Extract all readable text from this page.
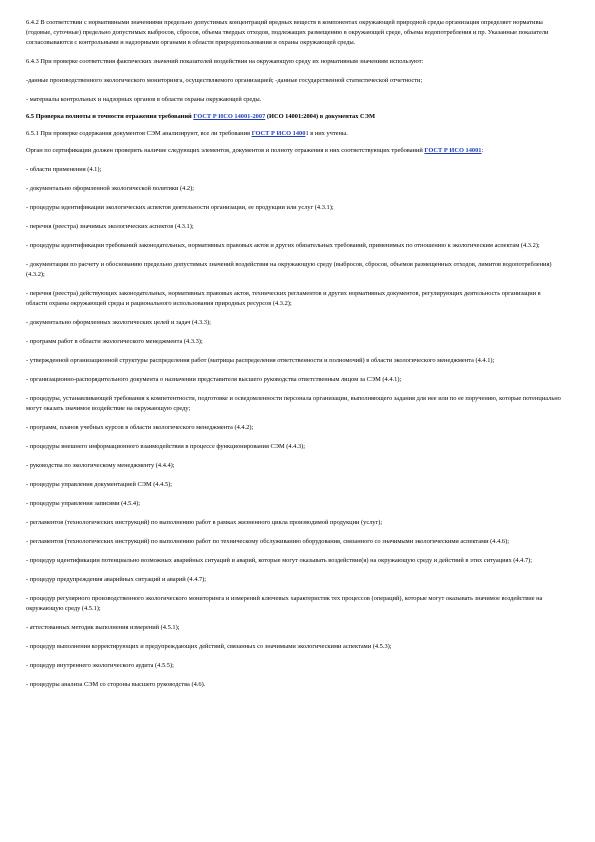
6.4.2 В соответствии с нормативными значениями предельно допустимых концентраций вредных веществ в компонентах окружающей природной среды организация определяет нормативы (годовые, суточные) предельно допустимых выбросов, сбросов, объема твердых отходов, подлежащих размещению в окружающей среде, объема водопотребления и пр. Указанные показатели согласовываются с контрольными и надзорными органами в области природопользования и охраны окружающей среды.

6.4.3 При проверке соответствия фактических значений показателей воздействия на окружающую среду их нормативным значениям используют:

-данные производственного экологического мониторинга, осуществляемого организацией; -данные государственной статистической отчетности;

- материалы контрольных и надзорных органов в области охраны окружающей среды.

6.5 Проверка полноты и точности отражения требований ГОСТ Р ИСО 14001-2007 (ИСО 14001:2004) в документах СЭМ

6.5.1 При проверке содержания документов СЭМ анализируют, все ли требования ГОСТ Р ИСО 14001 в них учтены.

Орган по сертификации должен проверить наличие следующих элементов, документов и полноту отражения в них соответствующих требований ГОСТ Р ИСО 14001:

- области применения (4.1);

- документально оформленной экологической политики (4.2);

- процедуры идентификации экологических аспектов деятельности организации, ее продукции или услуг (4.3.1);

- перечня (реестра) значимых экологических аспектов (4.3.1);

- процедуры идентификации требований законодательных, нормативных правовых актов и других обязательных требований, применимых по отношению к экологическим аспектам (4.3.2);

- документации по расчету и обоснованию предельно допустимых значений воздействия на окружающую среду (выбросов, сбросов, объемов размещенных отходов, лимитов водопотребления) (4.3.2);

- перечня (реестра) действующих законодательных, нормативных правовых актов, технических регламентов и других нормативных документов, регулирующих деятельность организации в области охраны окружающей среды и рационального использования природных ресурсов (4.3.2);

- документально оформленных экологических целей и задач (4.3.3);

- программ работ в области экологического менеджмента (4.3.3);

- утвержденной организационной структуры распределения работ (матрицы распределения ответственности и полномочий) в области экологического менеджмента (4.4.1);

- организационно-распорядительного документа о назначении представителя высшего руководства ответственным лицом за СЭМ (4.4.1);

- процедуры, устанавливающей требования к компетентности, подготовке и осведомленности персонала организации, выполняющего задания для нее или по ее поручению, которые потенциально могут оказать значимое воздействие на окружающую среду;

- программ, планов учебных курсов в области экологического менеджмента (4.4.2);

- процедуры внешнего информационного взаимодействия в процессе функционирования СЭМ (4.4.3);

- руководства по экологическому менеджменту (4.4.4);

- процедуры управления документацией СЭМ (4.4.5);

- процедуры управления записями (4.5.4);

- регламентов (технологических инструкций) по выполнению работ в рамках жизненного цикла производимой продукции (услуг);

- регламентов (технологических инструкций) по выполнению работ по техническому обслуживанию оборудования, связанного со значимыми экологическими аспектами (4.4.6);

- процедур идентификации потенциально возможных аварийных ситуаций и аварий, которые могут оказывать воздействие(я) на окружающую среду и действий в этих ситуациях (4.4.7);

- процедур предупреждения аварийных ситуаций и аварий (4.4.7);

- процедур регулярного производственного экологического мониторинга и измерений ключевых характеристик тех процессов (операций), которые могут оказывать значимое воздействие на окружающую среду (4.5.1);

- аттестованных методик выполнения измерений (4.5.1);

- процедур выполнения корректирующих и предупреждающих действий, связанных со значимыми экологическими аспектами (4.5.3);

- процедур внутреннего экологического аудита (4.5.5);

- процедуры анализа СЭМ со стороны высшего руководства (4.6).
